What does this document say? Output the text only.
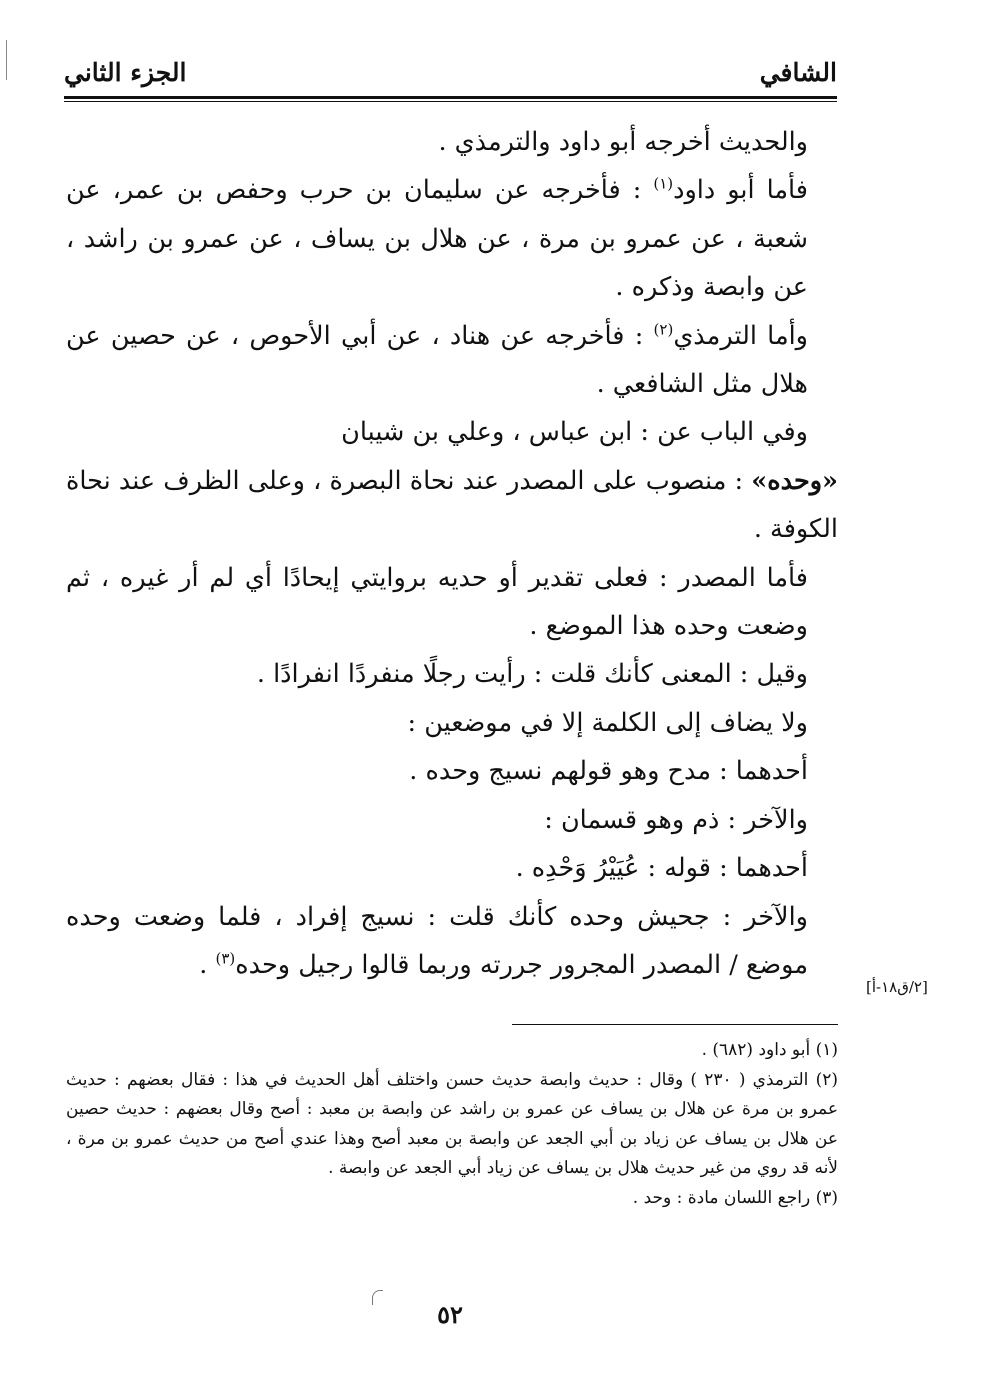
الشافي
الجزء الثاني

والحديث أخرجه أبو داود والترمذي .

فأما أبو داود$^{(١)}$ : فأخرجه عن سليمان بن حرب وحفص بن عمر، عن شعبة ، عن عمرو بن مرة ، عن هلال بن يساف ، عن عمرو بن راشد ، عن وابصة وذكره .

وأما الترمذي$^{(٢)}$ : فأخرجه عن هناد ، عن أبي الأحوص ، عن حصين عن هلال مثل الشافعي .

وفي الباب عن : ابن عباس ، وعلي بن شيبان

«وحده» : منصوب على المصدر عند نحاة البصرة ، وعلى الظرف عند نحاة الكوفة .

فأما المصدر : فعلى تقدير أو حديه بروايتي إيحادًا أي لم أر غيره ، ثم وضعت وحده هذا الموضع .

وقيل : المعنى كأنك قلت : رأيت رجلًا منفردًا انفرادًا .

ولا يضاف إلى الكلمة إلا في موضعين :

أحدهما : مدح وهو قولهم نسيج وحده .

والآخر : ذم وهو قسمان :

أحدهما : قوله : عُيَيْرُ وَحْدِه .

والآخر : جحيش وحده كأنك قلت : نسيج إفراد ، فلما وضعت وحده موضع / المصدر المجرور جررته وربما قالوا رجيل وحده$^{(٣)}$ .

[٢/ق١٨-أ]

(١) أبو داود (٦٨٢) .

(٢) الترمذي ( ٢٣٠ ) وقال : حديث وابصة حديث حسن واختلف أهل الحديث في هذا : فقال بعضهم : حديث عمرو بن مرة عن هلال بن يساف عن عمرو بن راشد عن وابصة بن معبد : أصح وقال بعضهم : حديث حصين عن هلال بن يساف عن زياد بن أبي الجعد عن وابصة بن معبد أصح وهذا عندي أصح من حديث عمرو بن مرة ، لأنه قد روي من غير حديث هلال بن يساف عن زياد أبي الجعد عن وابصة .

(٣) راجع اللسان مادة : وحد .

٥٢
